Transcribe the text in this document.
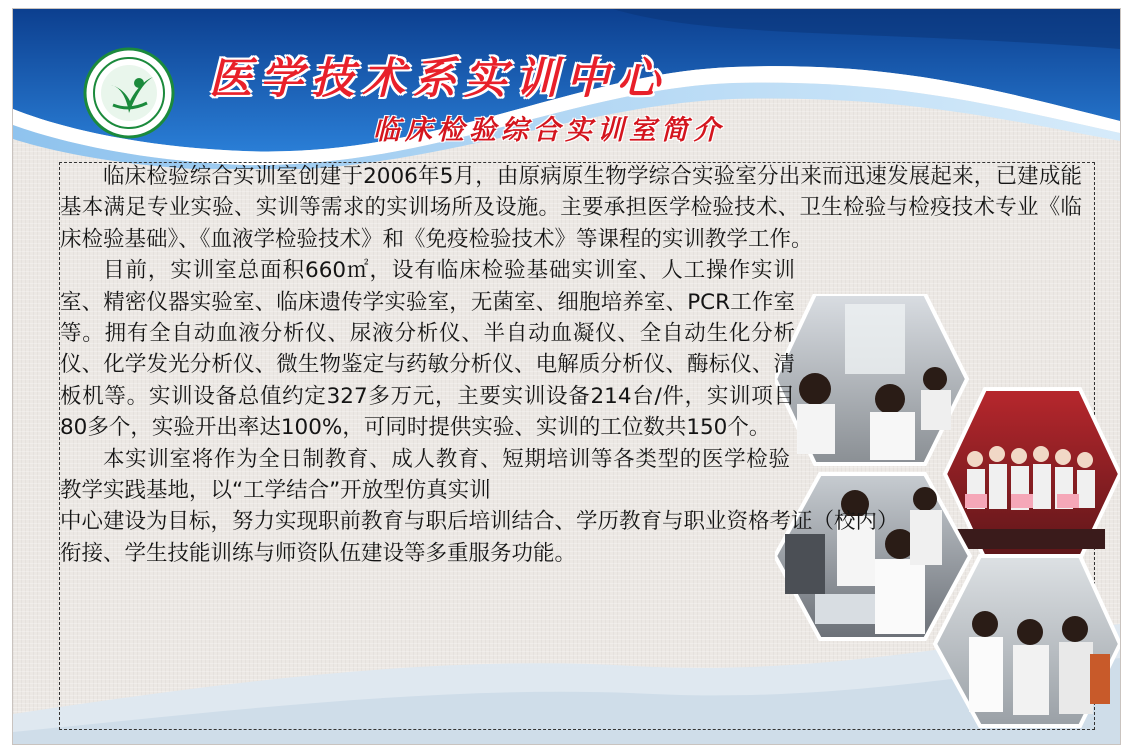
医学技术系实训中心
临床检验综合实训室简介

临床检验综合实训室创建于2006年5月，由原病原生物学综合实验室分出来而迅速发展起来，已建成能基本满足专业实验、实训等需求的实训场所及设施。主要承担医学检验技术、卫生检验与检疫技术专业《临床检验基础》、《血液学检验技术》和《免疫检验技术》等课程的实训教学工作。

目前，实训室总面积660㎡，设有临床检验基础实训室、人工操作实训室、精密仪器实验室、临床遗传学实验室，无菌室、细胞培养室、PCR工作室等。拥有全自动血液分析仪、尿液分析仪、半自动血凝仪、全自动生化分析仪、化学发光分析仪、微生物鉴定与药敏分析仪、电解质分析仪、酶标仪、清板机等。实训设备总值约定327多万元，主要实训设备214台/件，实训项目80多个，实验开出率达100%，可同时提供实验、实训的工位数共150个。

本实训室将作为全日制教育、成人教育、短期培训等各类型的医学检验教学实践基地，以“工学结合”开放型仿真实训

中心建设为目标，努力实现职前教育与职后培训结合、学历教育与职业资格考证（校内）衔接、学生技能训练与师资队伍建设等多重服务功能。
